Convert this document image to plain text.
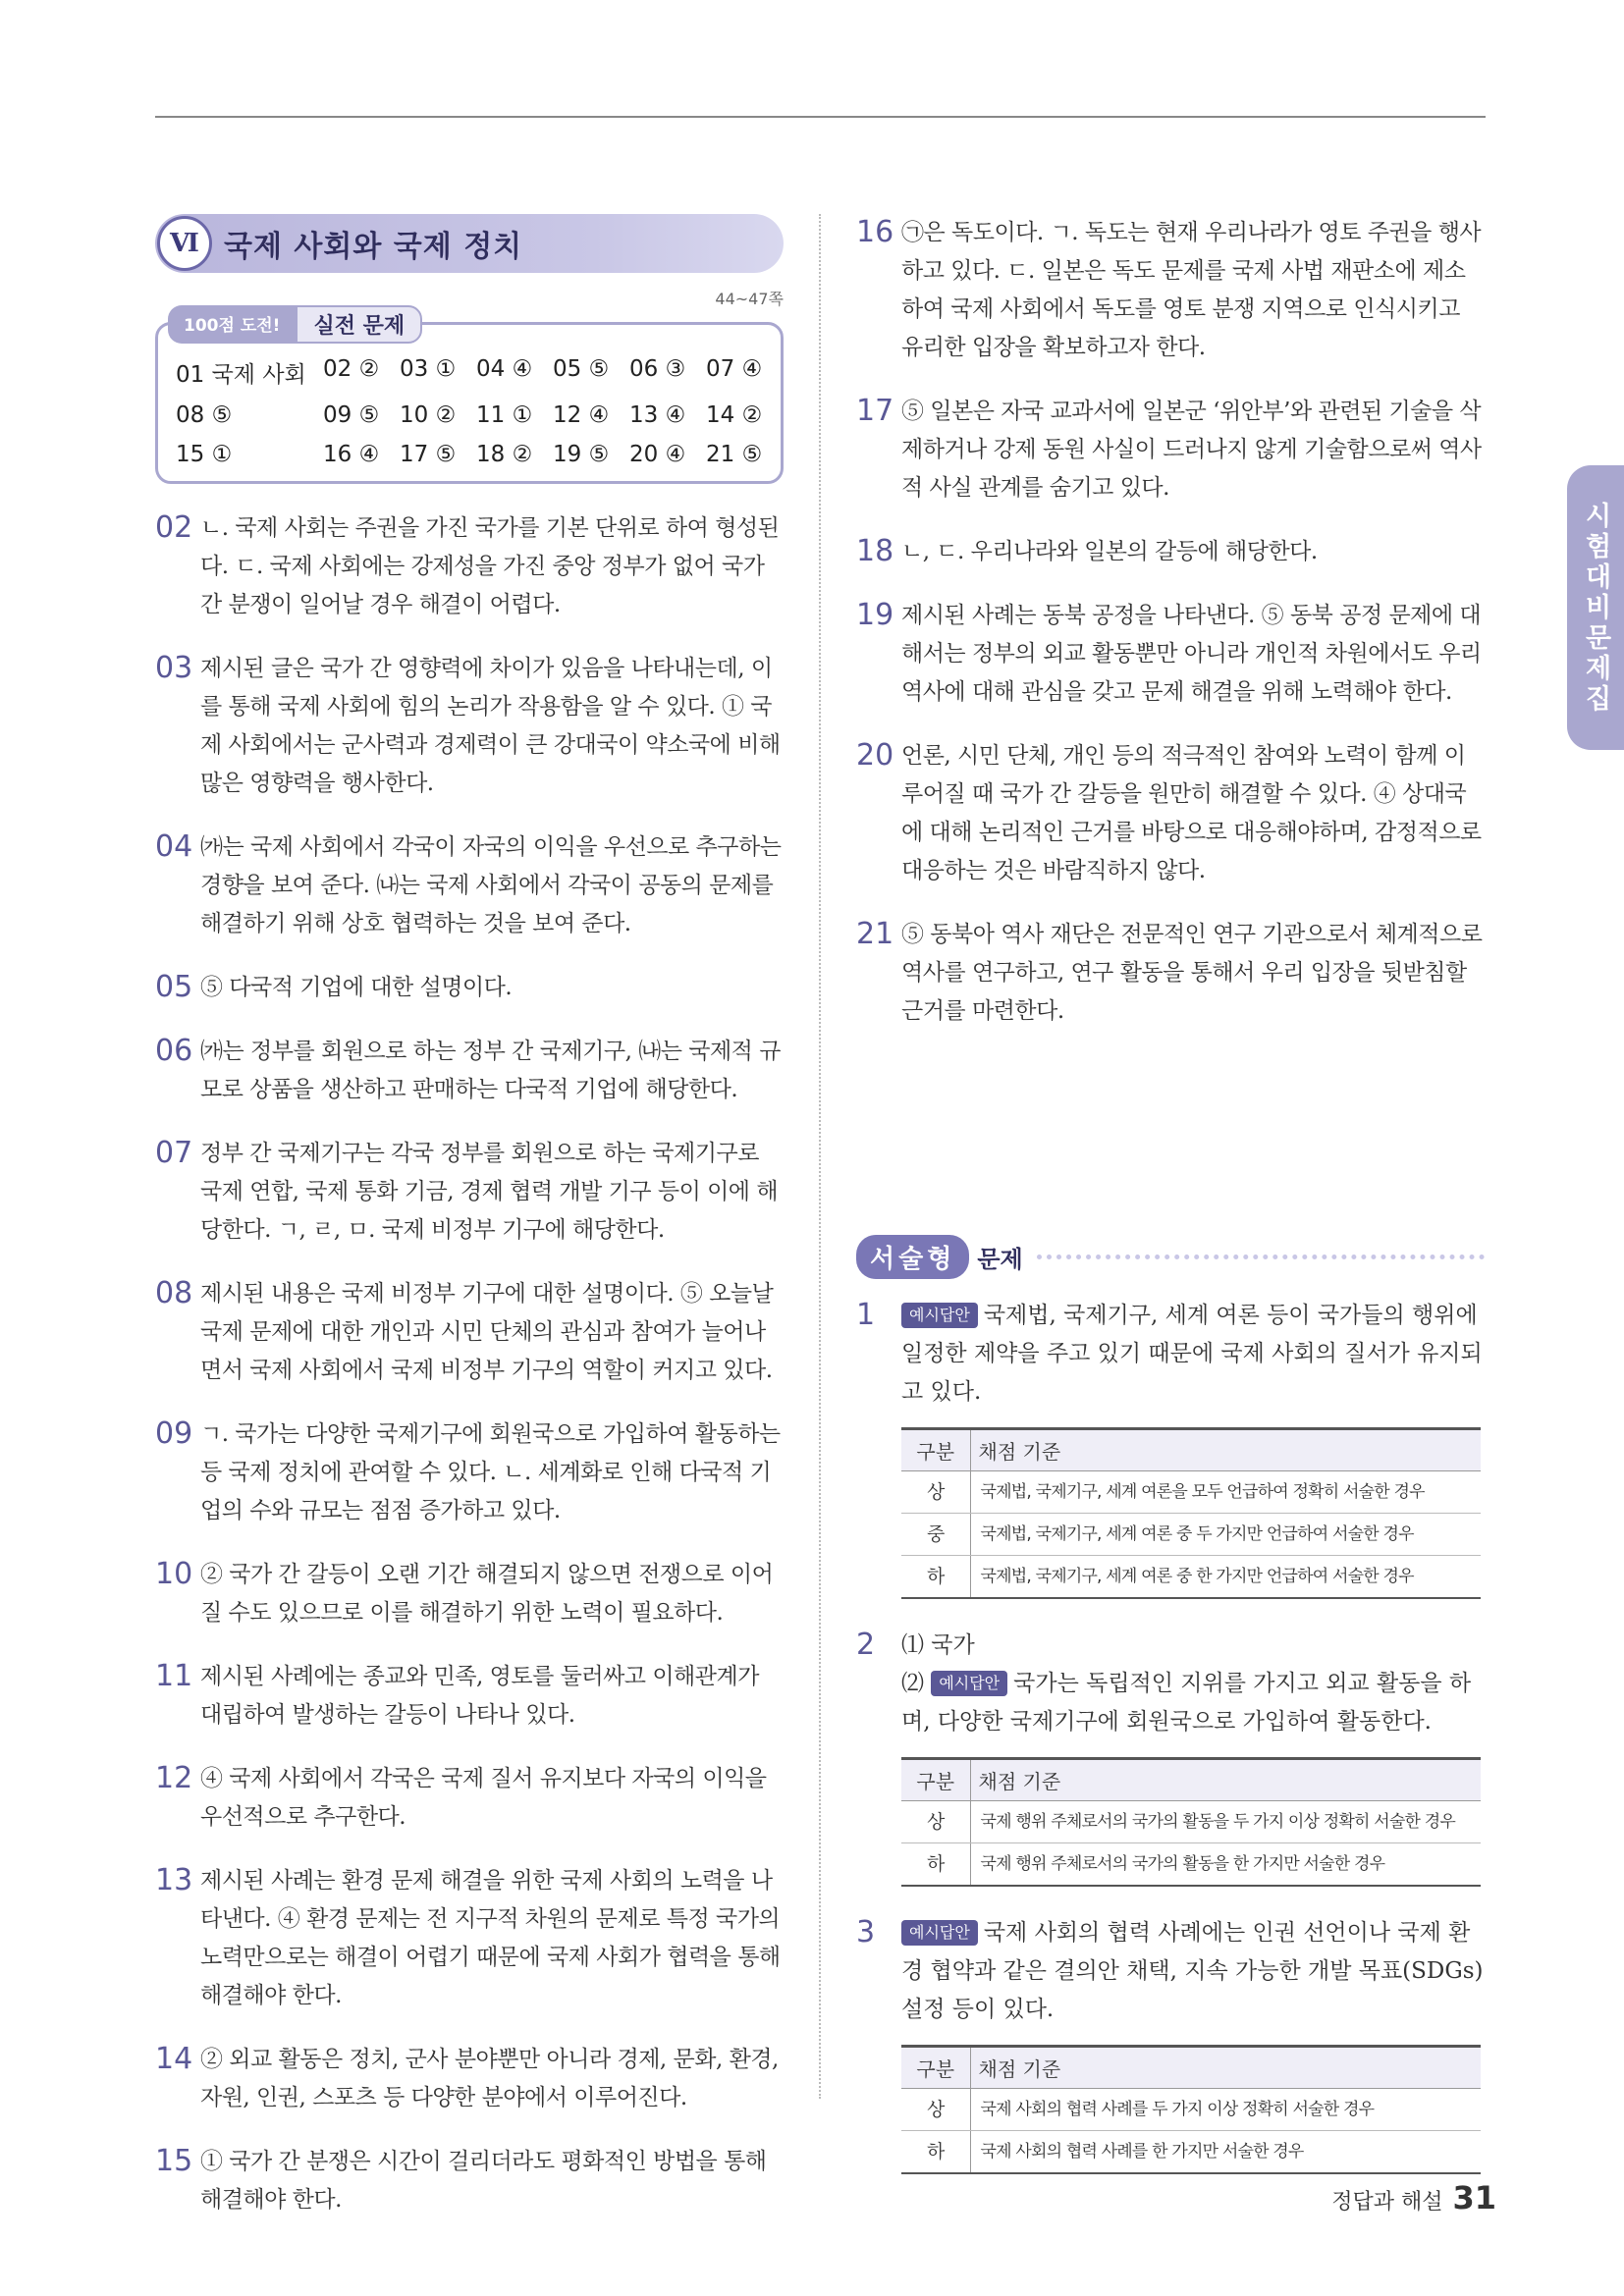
시험대비문제집
Ⅵ 국제 사회와 국제 정치
44~47쪽
100점 도전!	실전 문제
01 국제 사회 02 ② 03 ① 04 ④ 05 ⑤ 06 ③ 07 ④
08 ⑤	09 ⑤ 10 ② 11 ① 12 ④ 13 ④ 14 ②
15 ①	16 ④ 17 ⑤ 18 ② 19 ⑤ 20 ④ 21 ⑤
02 ㄴ. 국제 사회는 주권을 가진 국가를 기본 단위로 하여 형성된다. ㄷ. 국제 사회에는 강제성을 가진 중앙 정부가 없어 국가 간 분쟁이 일어날 경우 해결이 어렵다.
03 제시된 글은 국가 간 영향력에 차이가 있음을 나타내는데, 이를 통해 국제 사회에 힘의 논리가 작용함을 알 수 있다. ① 국제 사회에서는 군사력과 경제력이 큰 강대국이 약소국에 비해 많은 영향력을 행사한다.
04 ㈎는 국제 사회에서 각국이 자국의 이익을 우선으로 추구하는 경향을 보여 준다. ㈏는 국제 사회에서 각국이 공동의 문제를 해결하기 위해 상호 협력하는 것을 보여 준다.
05 ⑤ 다국적 기업에 대한 설명이다.
06 ㈎는 정부를 회원으로 하는 정부 간 국제기구, ㈏는 국제적 규모로 상품을 생산하고 판매하는 다국적 기업에 해당한다.
07 정부 간 국제기구는 각국 정부를 회원으로 하는 국제기구로 국제 연합, 국제 통화 기금, 경제 협력 개발 기구 등이 이에 해당한다. ㄱ, ㄹ, ㅁ. 국제 비정부 기구에 해당한다.
08 제시된 내용은 국제 비정부 기구에 대한 설명이다. ⑤ 오늘날 국제 문제에 대한 개인과 시민 단체의 관심과 참여가 늘어나면서 국제 사회에서 국제 비정부 기구의 역할이 커지고 있다.
09 ㄱ. 국가는 다양한 국제기구에 회원국으로 가입하여 활동하는 등 국제 정치에 관여할 수 있다. ㄴ. 세계화로 인해 다국적 기업의 수와 규모는 점점 증가하고 있다.
10 ② 국가 간 갈등이 오랜 기간 해결되지 않으면 전쟁으로 이어질 수도 있으므로 이를 해결하기 위한 노력이 필요하다.
11 제시된 사례에는 종교와 민족, 영토를 둘러싸고 이해관계가 대립하여 발생하는 갈등이 나타나 있다.
12 ④ 국제 사회에서 각국은 국제 질서 유지보다 자국의 이익을 우선적으로 추구한다.
13 제시된 사례는 환경 문제 해결을 위한 국제 사회의 노력을 나타낸다. ④ 환경 문제는 전 지구적 차원의 문제로 특정 국가의 노력만으로는 해결이 어렵기 때문에 국제 사회가 협력을 통해 해결해야 한다.
14 ② 외교 활동은 정치, 군사 분야뿐만 아니라 경제, 문화, 환경, 자원, 인권, 스포츠 등 다양한 분야에서 이루어진다.
15 ① 국가 간 분쟁은 시간이 걸리더라도 평화적인 방법을 통해 해결해야 한다.
16 ㉠은 독도이다. ㄱ. 독도는 현재 우리나라가 영토 주권을 행사하고 있다. ㄷ. 일본은 독도 문제를 국제 사법 재판소에 제소하여 국제 사회에서 독도를 영토 분쟁 지역으로 인식시키고 유리한 입장을 확보하고자 한다.
17 ⑤ 일본은 자국 교과서에 일본군 ‘위안부’와 관련된 기술을 삭제하거나 강제 동원 사실이 드러나지 않게 기술함으로써 역사적 사실 관계를 숨기고 있다.
18 ㄴ, ㄷ. 우리나라와 일본의 갈등에 해당한다.
19 제시된 사례는 동북 공정을 나타낸다. ⑤ 동북 공정 문제에 대해서는 정부의 외교 활동뿐만 아니라 개인적 차원에서도 우리 역사에 대해 관심을 갖고 문제 해결을 위해 노력해야 한다.
20 언론, 시민 단체, 개인 등의 적극적인 참여와 노력이 함께 이루어질 때 국가 간 갈등을 원만히 해결할 수 있다. ④ 상대국에 대해 논리적인 근거를 바탕으로 대응해야하며, 감정적으로 대응하는 것은 바람직하지 않다.
21 ⑤ 동북아 역사 재단은 전문적인 연구 기관으로서 체계적으로 역사를 연구하고, 연구 활동을 통해서 우리 입장을 뒷받침할 근거를 마련한다.
서술형 문제
1	예시답안 국제법, 국제기구, 세계 여론 등이 국가들의 행위에 일정한 제약을 주고 있기 때문에 국제 사회의 질서가 유지되고 있다.
구분	채점 기준
상	국제법, 국제기구, 세계 여론을 모두 언급하여 정확히 서술한 경우
중	국제법, 국제기구, 세계 여론 중 두 가지만 언급하여 서술한 경우
하	국제법, 국제기구, 세계 여론 중 한 가지만 언급하여 서술한 경우
2	⑴ 국가
⑵ 예시답안 국가는 독립적인 지위를 가지고 외교 활동을 하며, 다양한 국제기구에 회원국으로 가입하여 활동한다.
구분	채점 기준
상	국제 행위 주체로서의 국가의 활동을 두 가지 이상 정확히 서술한 경우
하	국제 행위 주체로서의 국가의 활동을 한 가지만 서술한 경우
3	예시답안 국제 사회의 협력 사례에는 인권 선언이나 국제 환경 협약과 같은 결의안 채택, 지속 가능한 개발 목표(SDGs) 설정 등이 있다.
구분	채점 기준
상	국제 사회의 협력 사례를 두 가지 이상 정확히 서술한 경우
하	국제 사회의 협력 사례를 한 가지만 서술한 경우
정답과 해설 31
